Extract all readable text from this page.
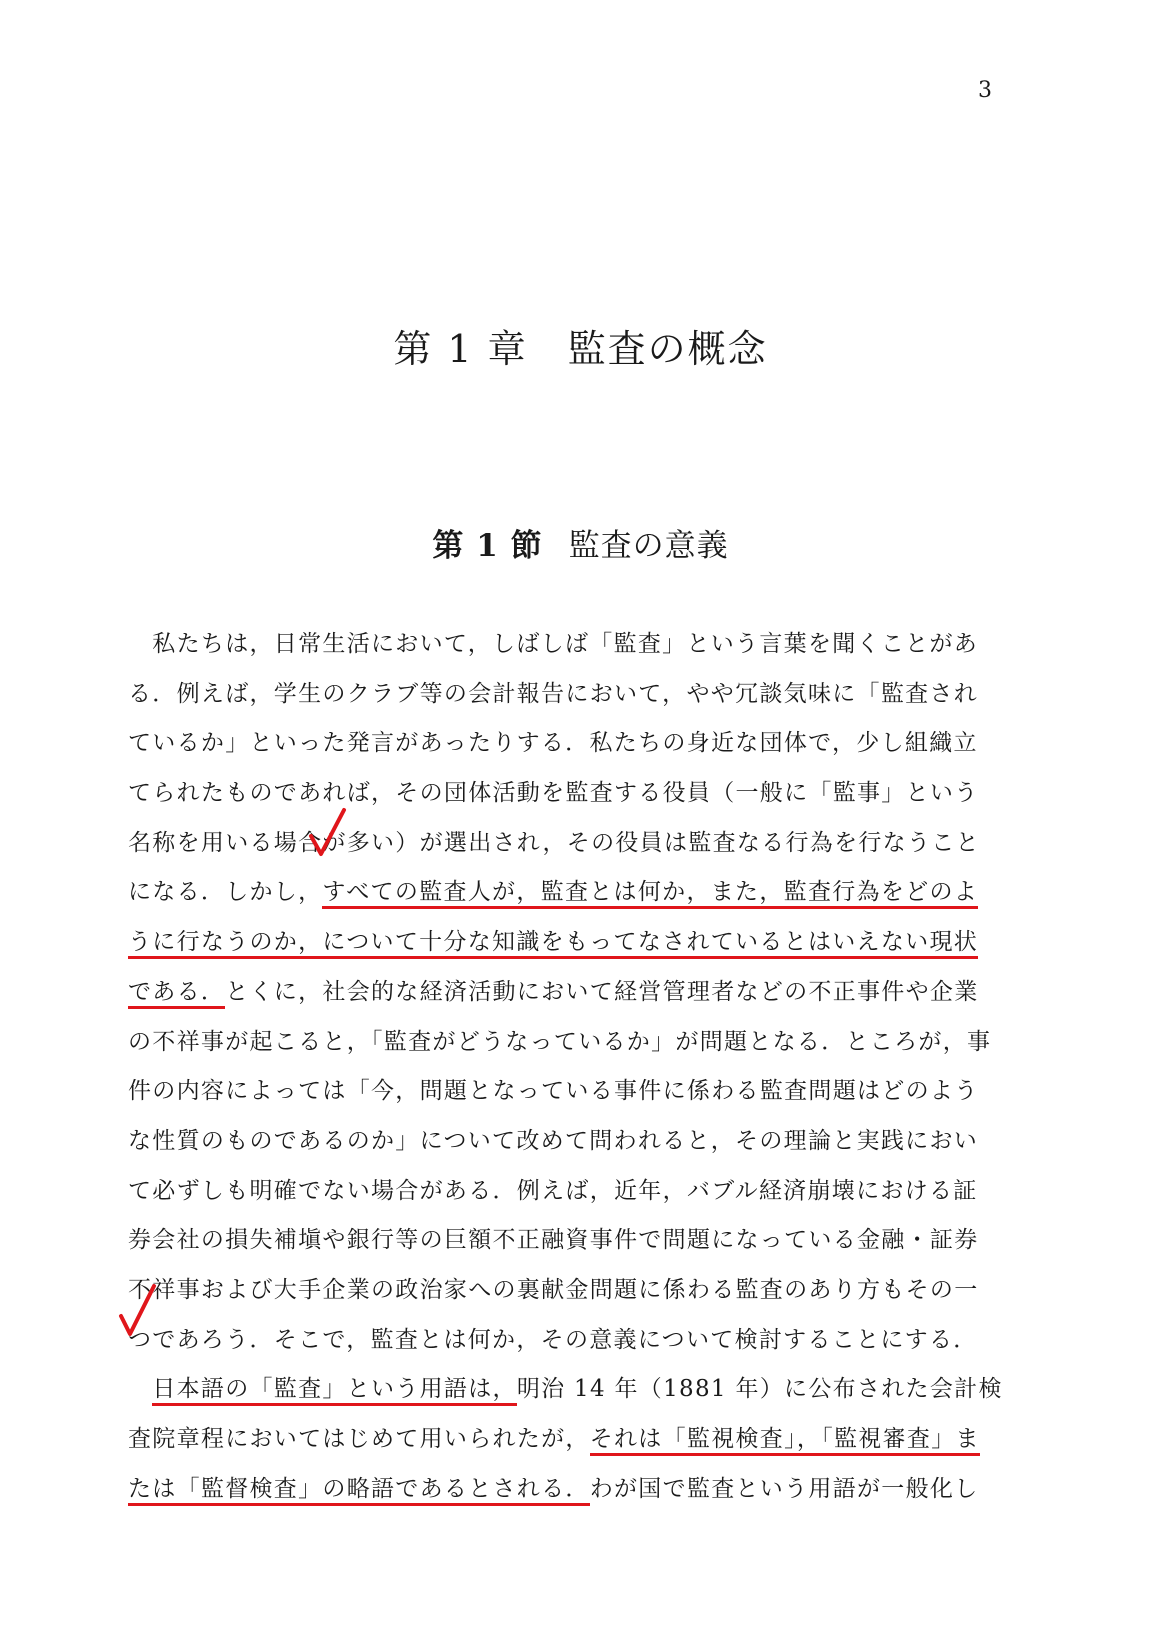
3
第 1 章　監査の概念
第 1 節 監査の意義
　私たちは，日常生活において，しばしば「監査」という言葉を聞くことがあ
る．例えば，学生のクラブ等の会計報告において，やや冗談気味に「監査され
ているか」といった発言があったりする．私たちの身近な団体で，少し組織立
てられたものであれば，その団体活動を監査する役員（一般に「監事」という
名称を用いる場合が多い）が選出され，その役員は監査なる行為を行なうこと
になる．しかし，すべての監査人が，監査とは何か，また，監査行為をどのよ
うに行なうのか，について十分な知識をもってなされているとはいえない現状
である．とくに，社会的な経済活動において経営管理者などの不正事件や企業
の不祥事が起こると，「監査がどうなっているか」が問題となる．ところが，事
件の内容によっては「今，問題となっている事件に係わる監査問題はどのよう
な性質のものであるのか」について改めて問われると，その理論と実践におい
て必ずしも明確でない場合がある．例えば，近年，バブル経済崩壊における証
券会社の損失補塡や銀行等の巨額不正融資事件で問題になっている金融・証券
不祥事および大手企業の政治家への裏献金問題に係わる監査のあり方もその一
つであろう．そこで，監査とは何か，その意義について検討することにする．
　日本語の「監査」という用語は，明治 14 年（1881 年）に公布された会計検
査院章程においてはじめて用いられたが，それは「監視検査」，「監視審査」ま
たは「監督検査」の略語であるとされる．わが国で監査という用語が一般化し
